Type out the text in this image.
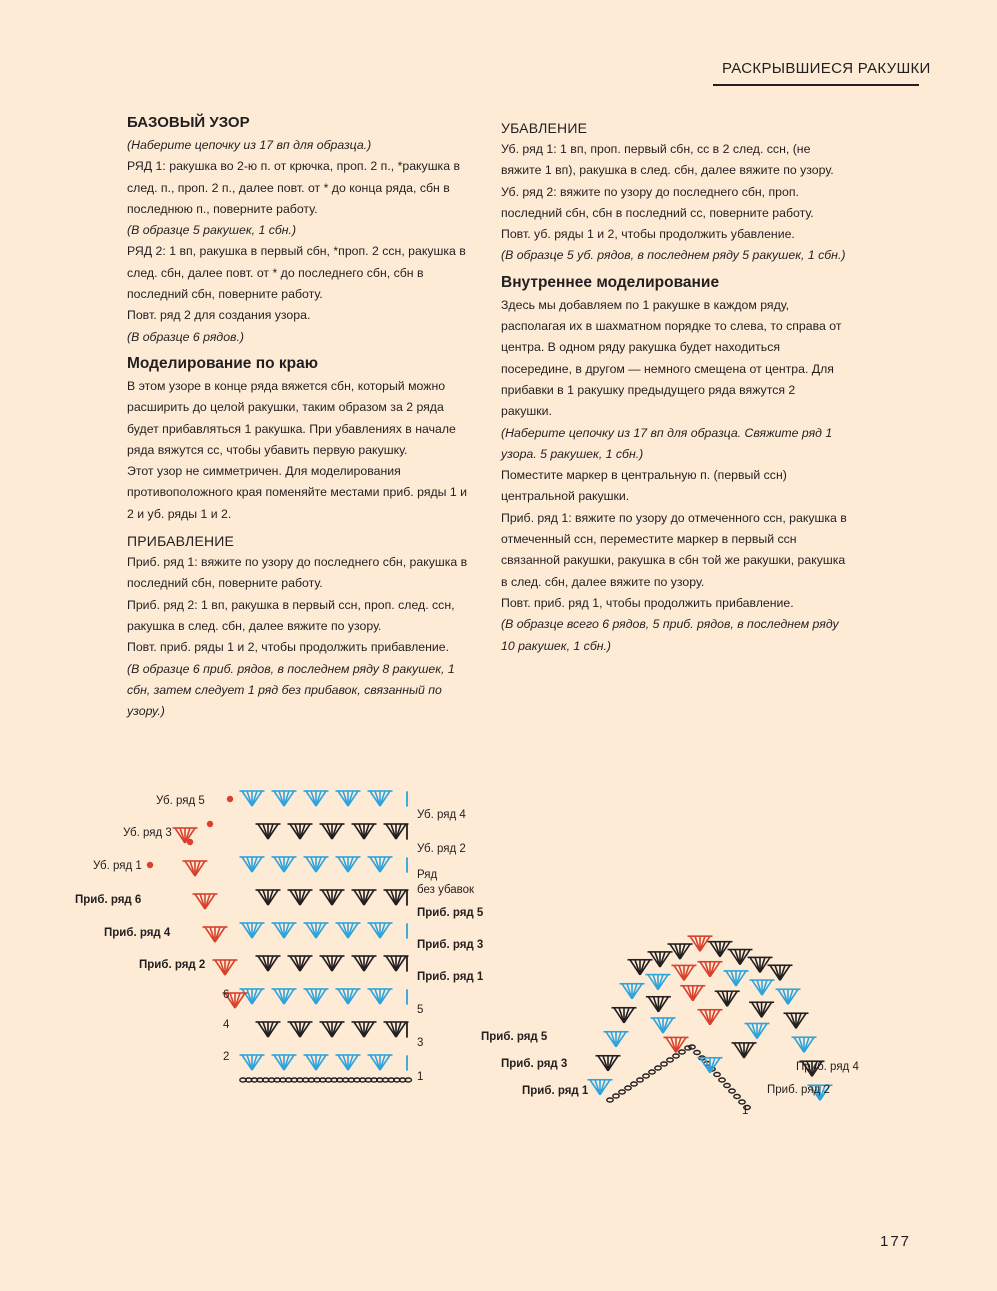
РАСКРЫВШИЕСЯ РАКУШКИ
БАЗОВЫЙ УЗОР

(Наберите цепочку из 17 вп для образца.)

РЯД 1: ракушка во 2-ю п. от крючка, проп. 2 п., *ракушка в след. п., проп. 2 п., далее повт. от * до конца ряда, сбн в последнюю п., поверните работу.

(В образце 5 ракушек, 1 сбн.)

РЯД 2: 1 вп, ракушка в первый сбн, *проп. 2 ссн, ракушка в след. сбн, далее повт. от * до последнего сбн, сбн в последний сбн, поверните работу.

Повт. ряд 2 для создания узора.

(В образце 6 рядов.)

Моделирование по краю

В этом узоре в конце ряда вяжется сбн, который можно расширить до целой ракушки, таким образом за 2 ряда будет прибавляться 1 ракушка. При убавлениях в начале ряда вяжутся сс, чтобы убавить первую ракушку.

Этот узор не симметричен. Для моделирования противоположного края поменяйте местами приб. ряды 1 и 2 и уб. ряды 1 и 2.

ПРИБАВЛЕНИЕ

Приб. ряд 1: вяжите по узору до последнего сбн, ракушка в последний сбн, поверните работу.

Приб. ряд 2: 1 вп, ракушка в первый ссн, проп. след. ссн, ракушка в след. сбн, далее вяжите по узору.

Повт. приб. ряды 1 и 2, чтобы продолжить прибавление.

(В образце 6 приб. рядов, в последнем ряду 8 ракушек, 1 сбн, затем следует 1 ряд без прибавок, связанный по узору.)

УБАВЛЕНИЕ

Уб. ряд 1: 1 вп, проп. первый сбн, сс в 2 след. ссн, (не вяжите 1 вп), ракушка в след. сбн, далее вяжите по узору.

Уб. ряд 2: вяжите по узору до последнего сбн, проп. последний сбн, сбн в последний сс, поверните работу.

Повт. уб. ряды 1 и 2, чтобы продолжить убавление.

(В образце 5 уб. рядов, в последнем ряду 5 ракушек, 1 сбн.)

Внутреннее моделирование

Здесь мы добавляем по 1 ракушке в каждом ряду, располагая их в шахматном порядке то слева, то справа от центра. В одном ряду ракушка будет находиться посередине, в другом — немного смещена от центра. Для прибавки в 1 ракушку предыдущего ряда вяжутся 2 ракушки.

(Наберите цепочку из 17 вп для образца. Свяжите ряд 1 узора. 5 ракушек, 1 сбн.)

Поместите маркер в центральную п. (первый ссн) центральной ракушки.

Приб. ряд 1: вяжите по узору до отмеченного ссн, ракушка в отмеченный ссн, переместите маркер в первый ссн связанной ракушки, ракушка в сбн той же ракушки, ракушка в след. сбн, далее вяжите по узору.

Повт. приб. ряд 1, чтобы продолжить прибавление.

(В образце всего 6 рядов, 5 приб. рядов, в последнем ряду 10 ракушек, 1 сбн.)

Уб. ряд 5
Уб. ряд 3
Уб. ряд 1
Приб. ряд 6
Приб. ряд 4
Приб. ряд 2
Уб. ряд 4
Уб. ряд 2
Ряд
без убавок
Приб. ряд 5
Приб. ряд 3
Приб. ряд 1
6
4
2
5
3
1
Приб. ряд 5
Приб. ряд 3
Приб. ряд 1
Приб. ряд 4
Приб. ряд 2
1
177
